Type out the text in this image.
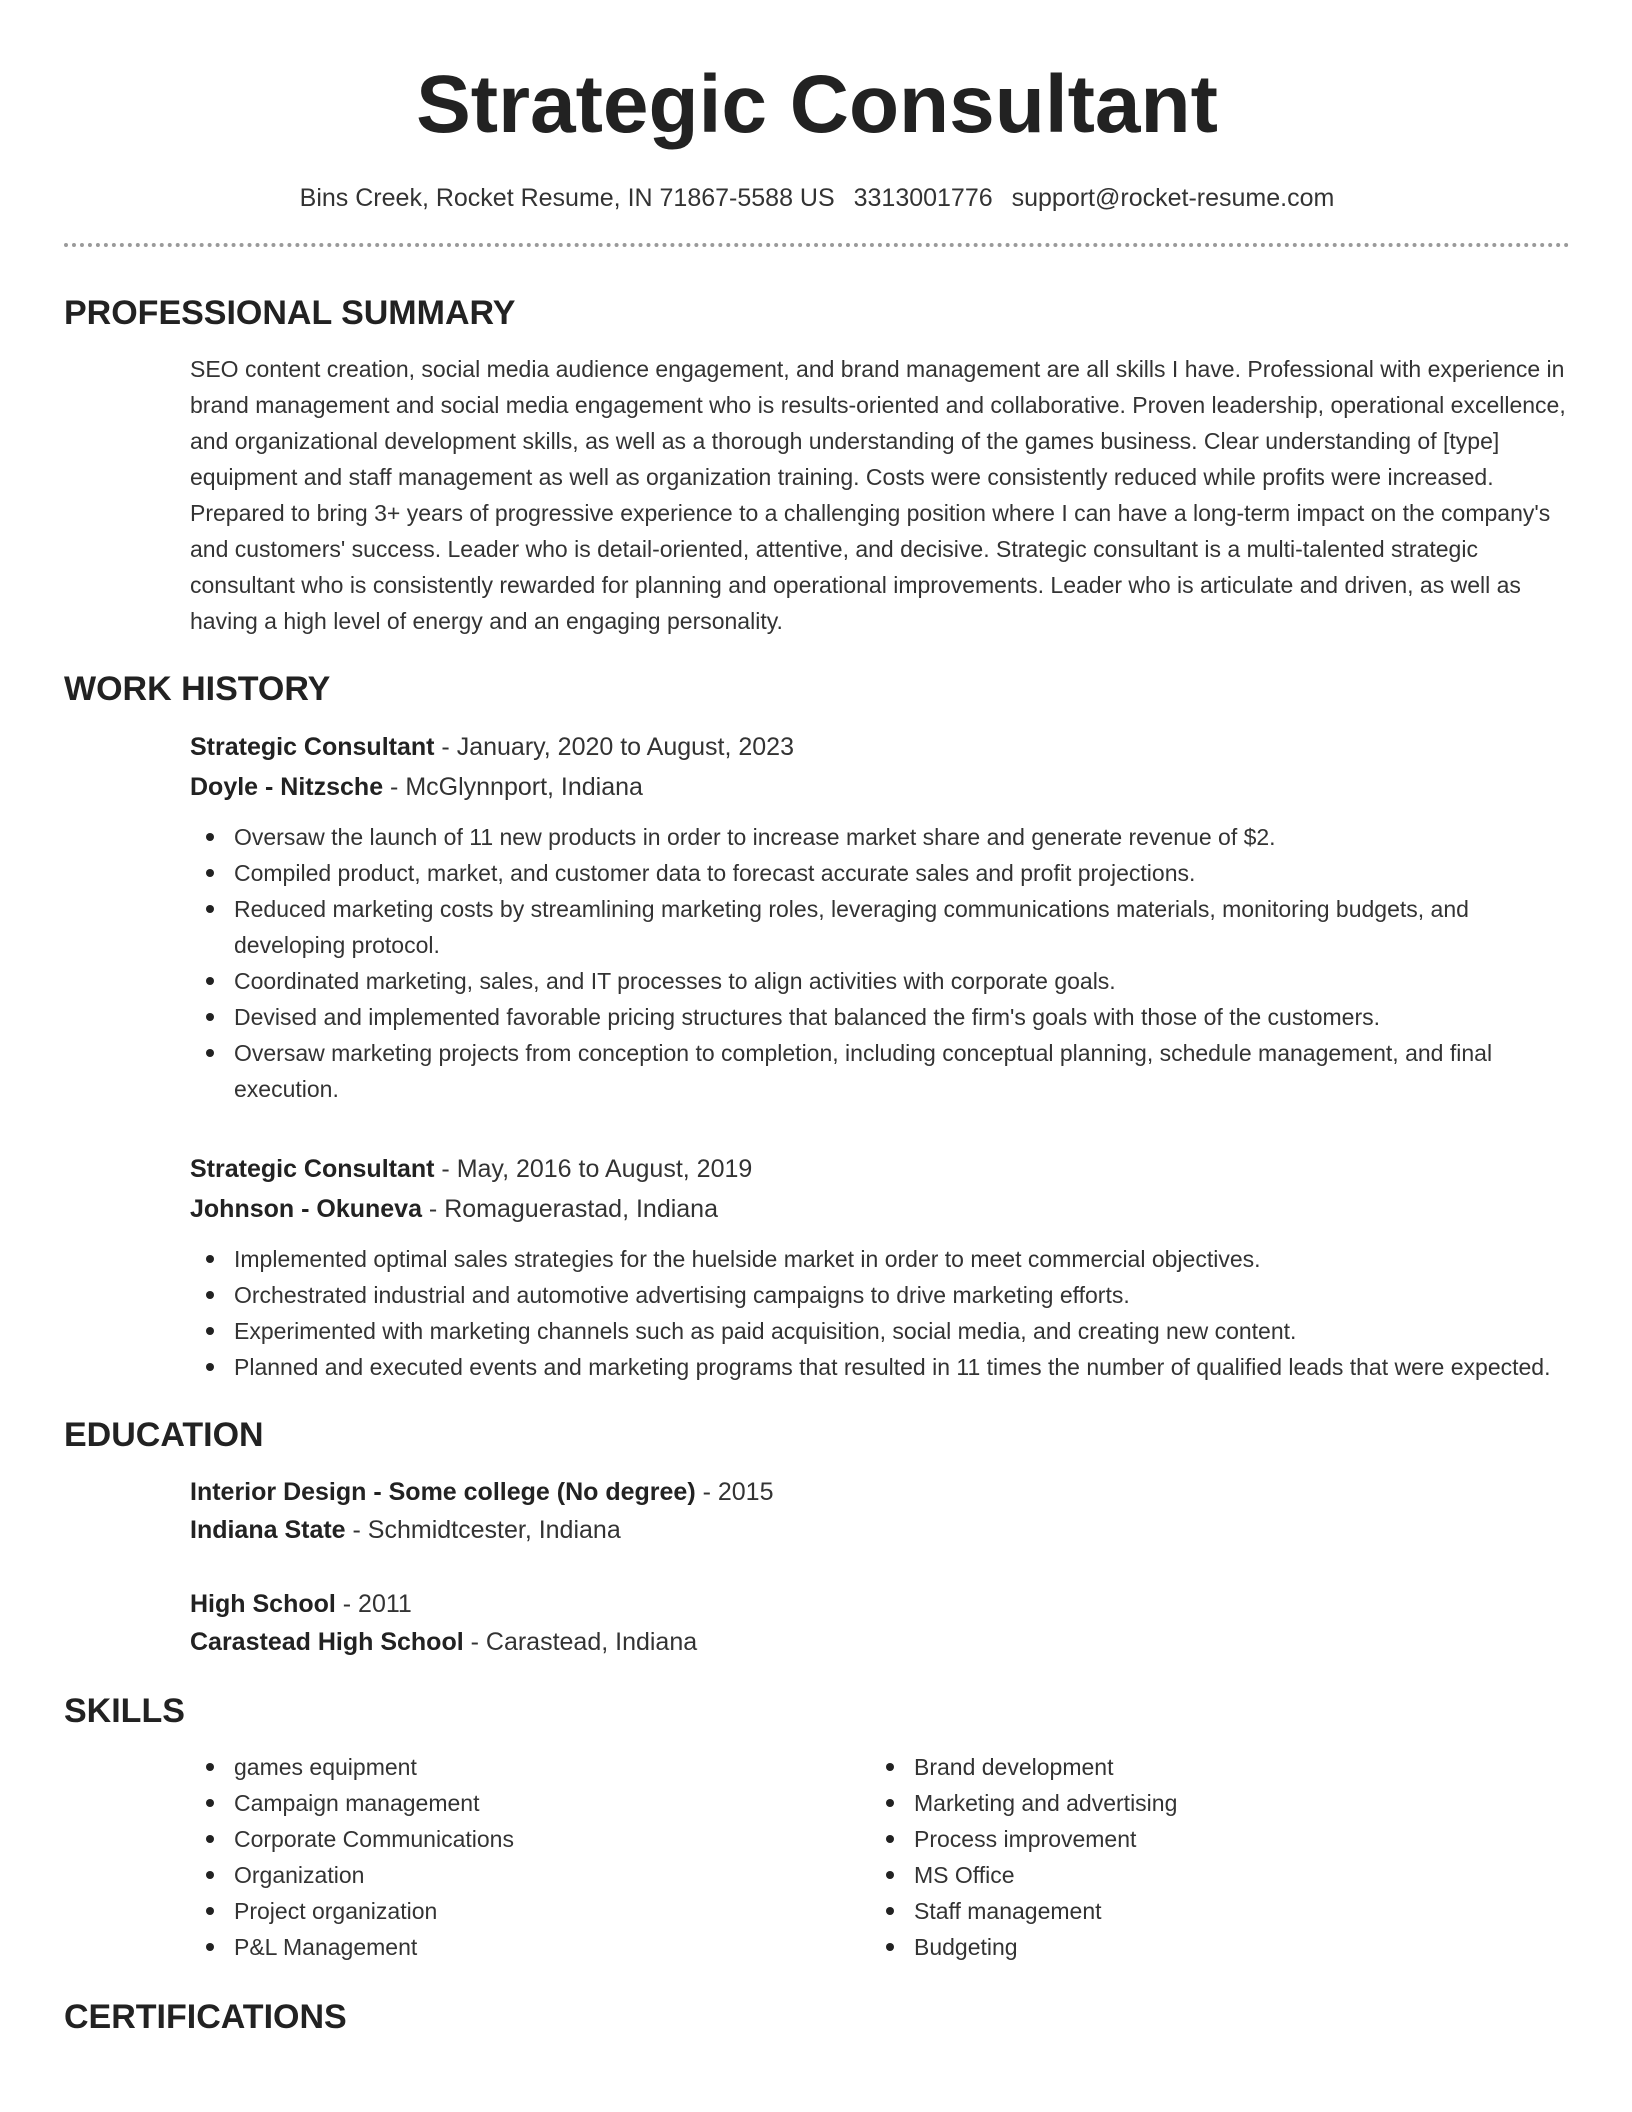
Strategic Consultant
Bins Creek, Rocket Resume, IN 71867-5588 US 3313001776 support@rocket-resume.com
PROFESSIONAL SUMMARY

SEO content creation, social media audience engagement, and brand management are all skills I have. Professional with experience in brand management and social media engagement who is results-oriented and collaborative. Proven leadership, operational excellence, and organizational development skills, as well as a thorough understanding of the games business. Clear understanding of [type] equipment and staff management as well as organization training. Costs were consistently reduced while profits were increased. Prepared to bring 3+ years of progressive experience to a challenging position where I can have a long-term impact on the company's and customers' success. Leader who is detail-oriented, attentive, and decisive. Strategic consultant is a multi-talented strategic consultant who is consistently rewarded for planning and operational improvements. Leader who is articulate and driven, as well as having a high level of energy and an engaging personality.

WORK HISTORY
Strategic Consultant - January, 2020 to August, 2023
Doyle - Nitzsche - McGlynnport, Indiana
Oversaw the launch of 11 new products in order to increase market share and generate revenue of $2.
Compiled product, market, and customer data to forecast accurate sales and profit projections.
Reduced marketing costs by streamlining marketing roles, leveraging communications materials, monitoring budgets, and developing protocol.
Coordinated marketing, sales, and IT processes to align activities with corporate goals.
Devised and implemented favorable pricing structures that balanced the firm's goals with those of the customers.
Oversaw marketing projects from conception to completion, including conceptual planning, schedule management, and final execution.
Strategic Consultant - May, 2016 to August, 2019
Johnson - Okuneva - Romaguerastad, Indiana
Implemented optimal sales strategies for the huelside market in order to meet commercial objectives.
Orchestrated industrial and automotive advertising campaigns to drive marketing efforts.
Experimented with marketing channels such as paid acquisition, social media, and creating new content.
Planned and executed events and marketing programs that resulted in 11 times the number of qualified leads that were expected.
EDUCATION
Interior Design - Some college (No degree) - 2015
Indiana State - Schmidtcester, Indiana
High School - 2011
Carastead High School - Carastead, Indiana
SKILLS
games equipment
Campaign management
Corporate Communications
Organization
Project organization
P&L Management
Brand development
Marketing and advertising
Process improvement
MS Office
Staff management
Budgeting
CERTIFICATIONS
